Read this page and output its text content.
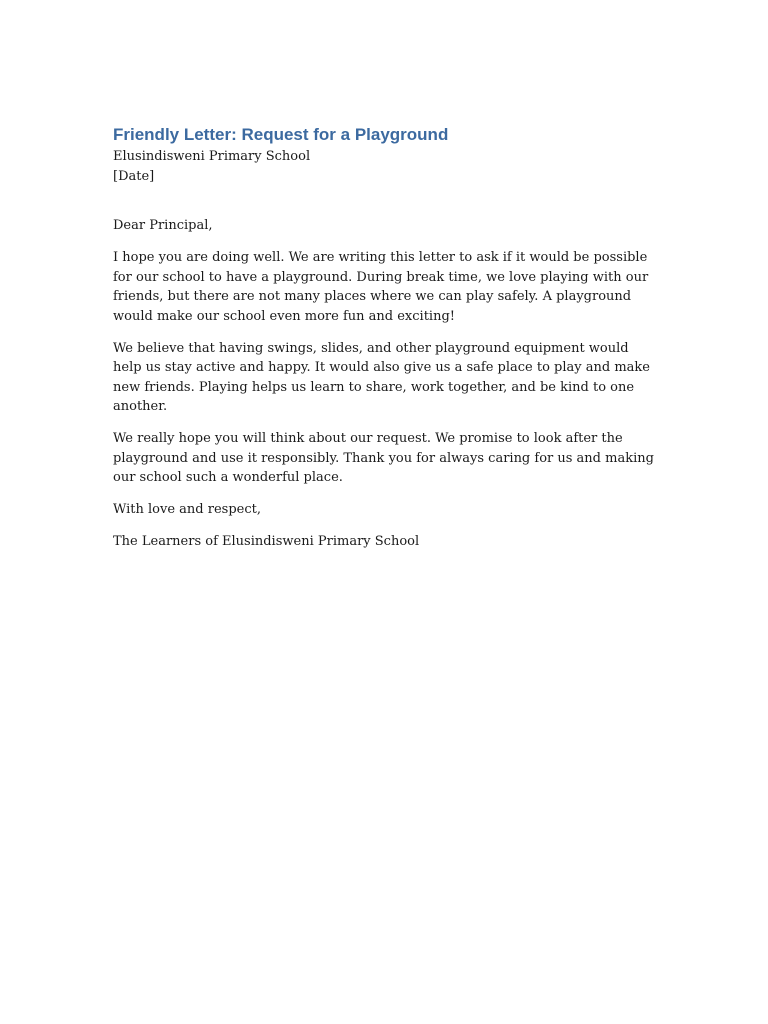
Friendly Letter: Request for a Playground
Elusindisweni Primary School
[Date]

Dear Principal,

I hope you are doing well. We are writing this letter to ask if it would be possible for our school to have a playground. During break time, we love playing with our friends, but there are not many places where we can play safely. A playground would make our school even more fun and exciting!

We believe that having swings, slides, and other playground equipment would help us stay active and happy. It would also give us a safe place to play and make new friends. Playing helps us learn to share, work together, and be kind to one another.

We really hope you will think about our request. We promise to look after the playground and use it responsibly. Thank you for always caring for us and making our school such a wonderful place.

With love and respect,

The Learners of Elusindisweni Primary School
